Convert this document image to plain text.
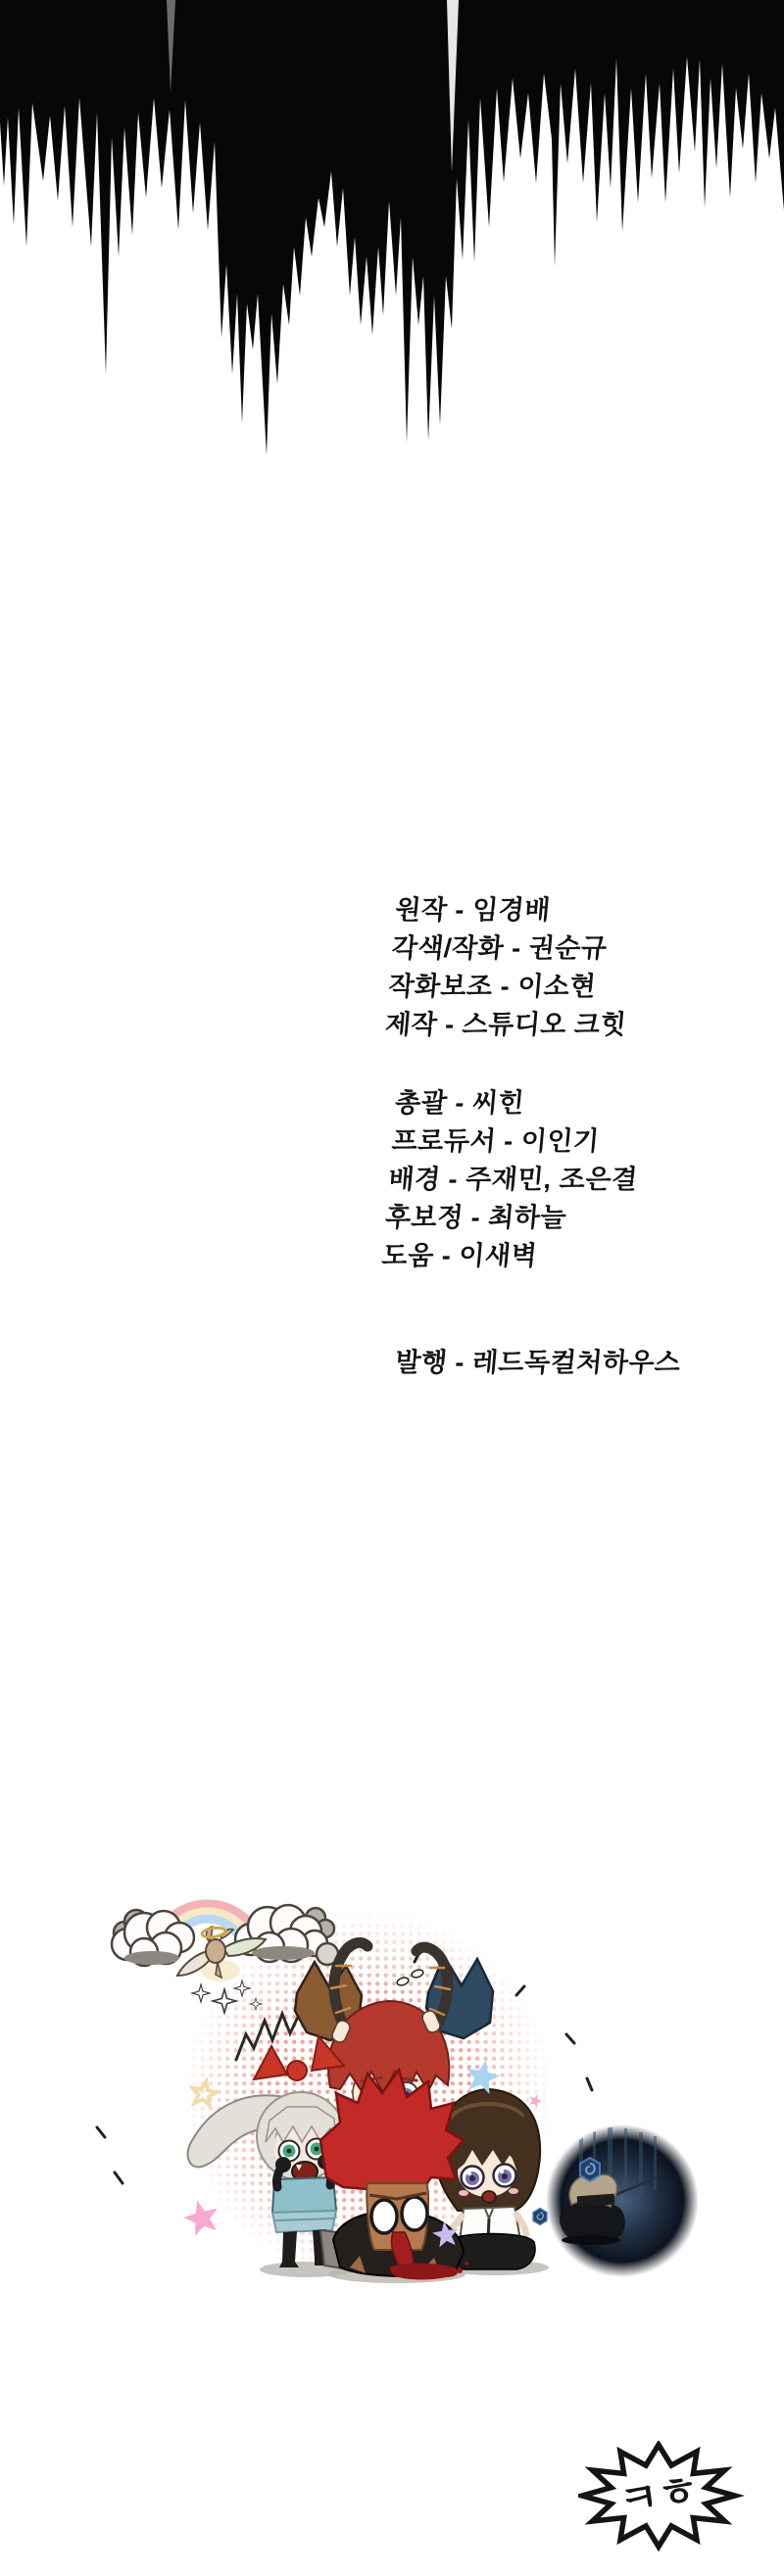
원작 - 임경배
각색/작화 - 권순규
작화보조 - 이소현
제작 - 스튜디오 크힛
총괄 - 씨힌
프로듀서 - 이인기
배경 - 주재민, 조은결
후보정 - 최하늘
도움 - 이새벽
발행 - 레드독컬처하우스
ㅋㅎ
